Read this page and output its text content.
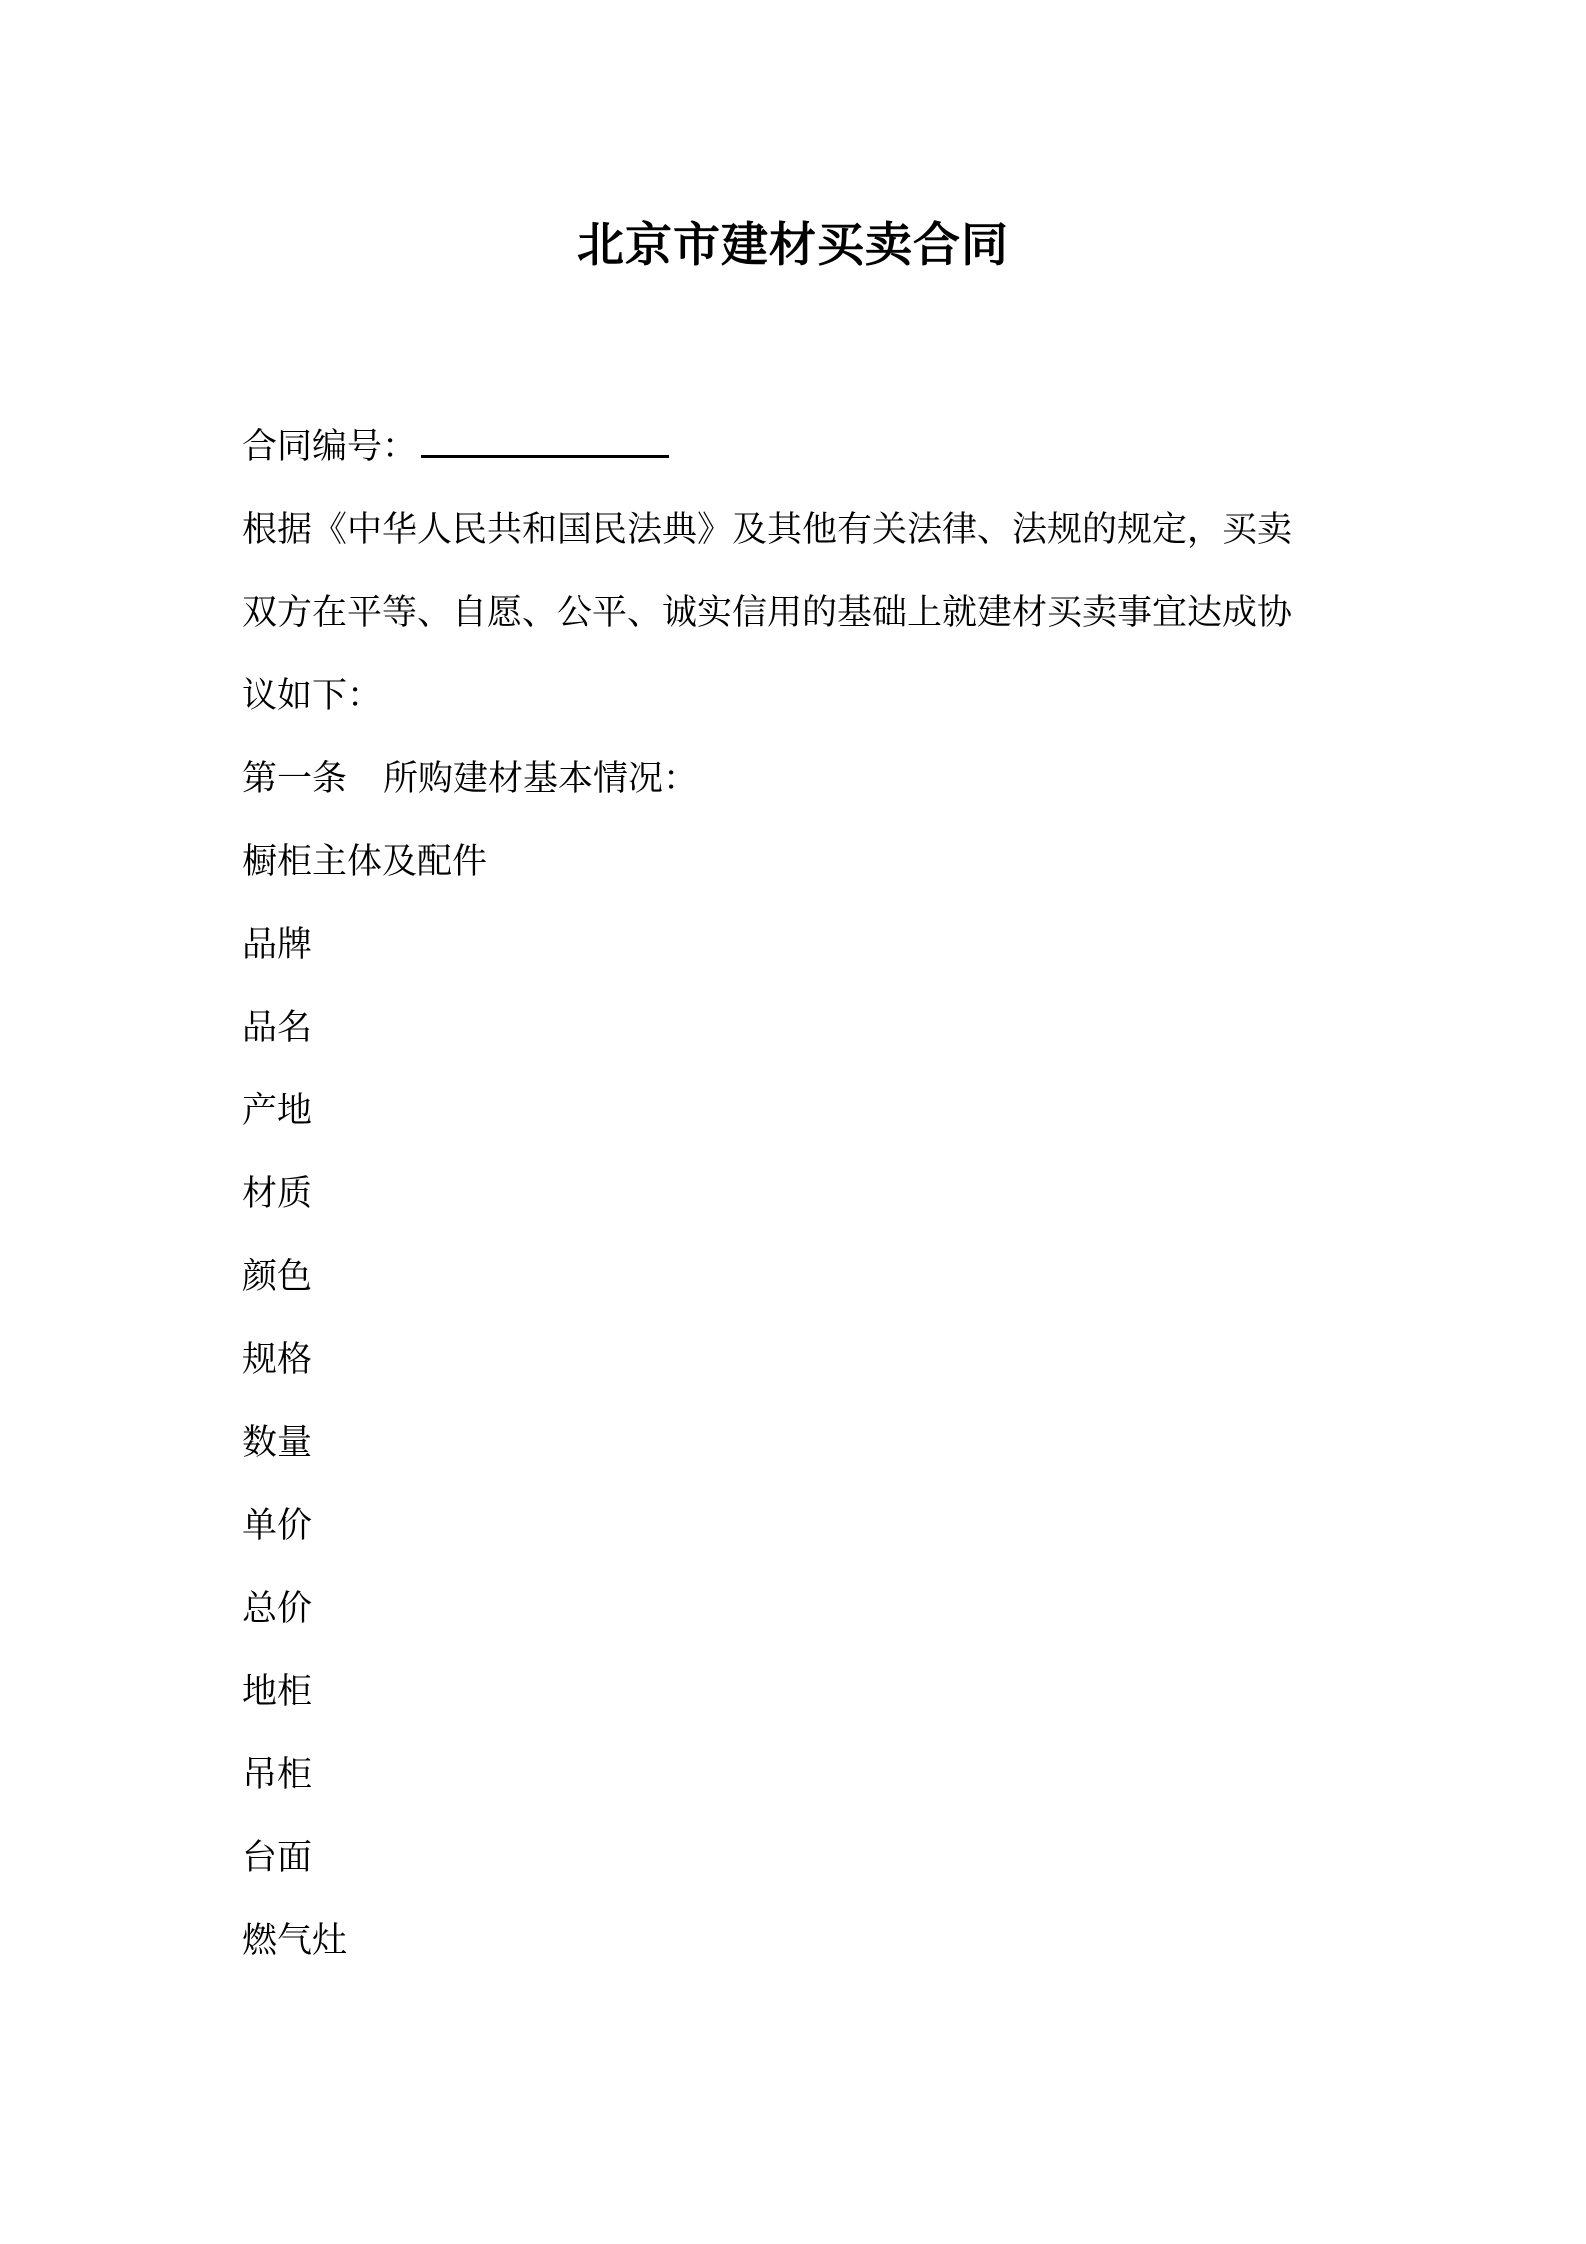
北京市建材买卖合同
合同编号：
根据《中华人民共和国民法典》及其他有关法律、法规的规定，买卖
双方在平等、自愿、公平、诚实信用的基础上就建材买卖事宜达成协
议如下：
第一条 所购建材基本情况：
橱柜主体及配件
品牌
品名
产地
材质
颜色
规格
数量
单价
总价
地柜
吊柜
台面
燃气灶
